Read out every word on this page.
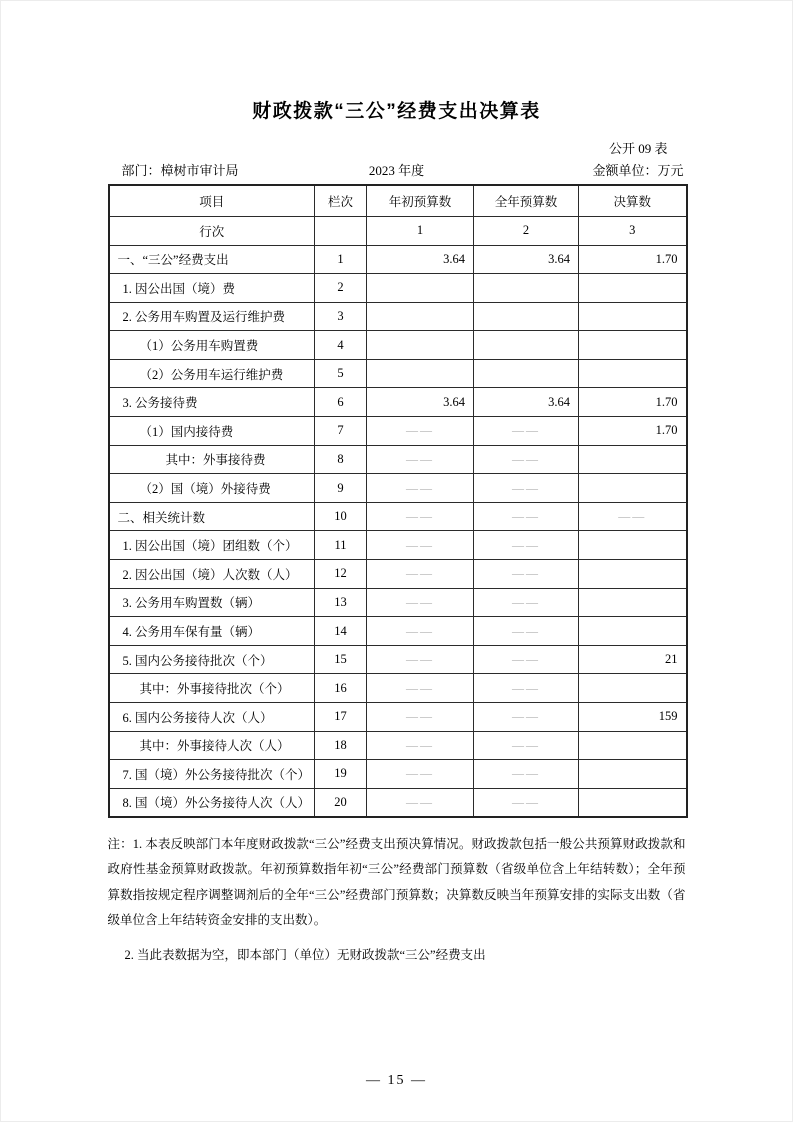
财政拨款“三公”经费支出决算表
公开 09 表
2023 年度
部门：樟树市审计局	金额单位：万元
项目	栏次	年初预算数	全年预算数	决算数
行次		1	2	3
一、“三公”经费支出	1	3.64	3.64	1.70
1. 因公出国（境）费	2			
2. 公务用车购置及运行维护费	3			
（1）公务用车购置费	4			
（2）公务用车运行维护费	5			
3. 公务接待费	6	3.64	3.64	1.70
（1）国内接待费	7	——	——	1.70
其中：外事接待费	8	——	——	
（2）国（境）外接待费	9	——	——	
二、相关统计数	10	——	——	——
1. 因公出国（境）团组数（个）	11	——	——	
2. 因公出国（境）人次数（人）	12	——	——	
3. 公务用车购置数（辆）	13	——	——	
4. 公务用车保有量（辆）	14	——	——	
5. 国内公务接待批次（个）	15	——	——	21
其中：外事接待批次（个）	16	——	——	
6. 国内公务接待人次（人）	17	——	——	159
其中：外事接待人次（人）	18	——	——	
7. 国（境）外公务接待批次（个）	19	——	——	
8. 国（境）外公务接待人次（人）	20	——	——	
注：1. 本表反映部门本年度财政拨款“三公”经费支出预决算情况。财政拨款包括一般公共预算财政拨款和政府性基金预算财政拨款。年初预算数指年初“三公”经费部门预算数（省级单位含上年结转数）；全年预算数指按规定程序调整调剂后的全年“三公”经费部门预算数；决算数反映当年预算安排的实际支出数（省级单位含上年结转资金安排的支出数）。
2. 当此表数据为空，即本部门（单位）无财政拨款“三公”经费支出
— 15 —
